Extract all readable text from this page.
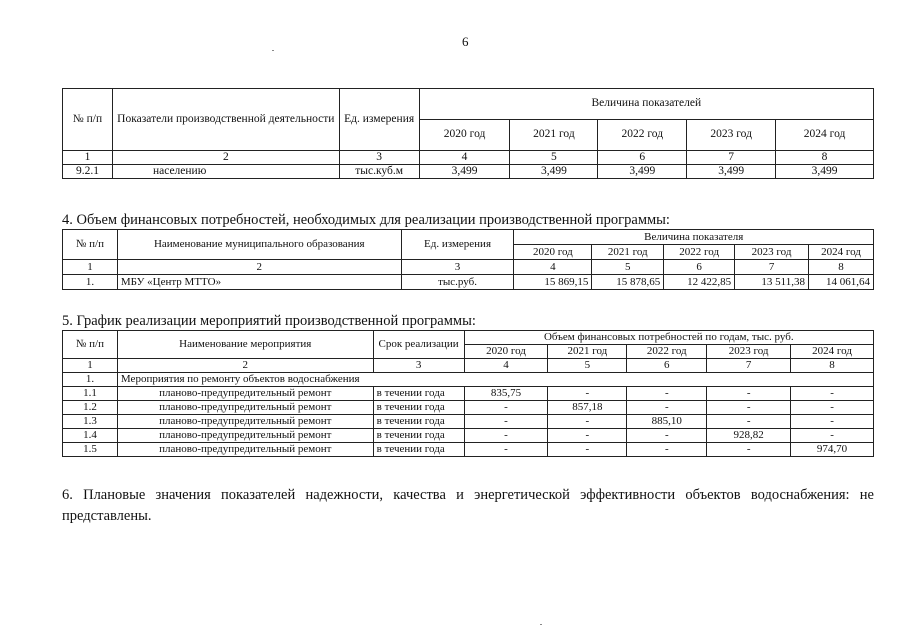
6
№ п/п	Показатели производственной деятельности	Ед. измерения	Величина показателей				
			2020 год	2021 год	2022 год	2023 год	2024 год
1	2	3	4	5	6	7	8
9.2.1	населению	тыс.куб.м	3,499	3,499	3,499	3,499	3,499
4. Объем финансовых потребностей, необходимых для реализации производственной программы:
№ п/п	Наименование муниципального образования	Ед. измерения	Величина показателя				
			2020 год	2021 год	2022 год	2023 год	2024 год
1	2	3	4	5	6	7	8
1.	МБУ «Центр МТТО»	тыс.руб.	15 869,15	15 878,65	12 422,85	13 511,38	14 061,64
5. График реализации мероприятий производственной программы:
№ п/п	Наименование мероприятия	Срок реализации	Объем финансовых потребностей по годам, тыс. руб.				
			2020 год	2021 год	2022 год	2023 год	2024 год
1	2	3	4	5	6	7	8
1.	Мероприятия по ремонту объектов водоснабжения						
1.1	планово-предупредительный ремонт	в течении года	835,75	-	-	-	-
1.2	планово-предупредительный ремонт	в течении года	-	857,18	-	-	-
1.3	планово-предупредительный ремонт	в течении года	-	-	885,10	-	-
1.4	планово-предупредительный ремонт	в течении года	-	-	-	928,82	-
1.5	планово-предупредительный ремонт	в течении года	-	-	-	-	974,70
6. Плановые значения показателей надежности, качества и энергетической эффективности объектов водоснабжения: не представлены.
